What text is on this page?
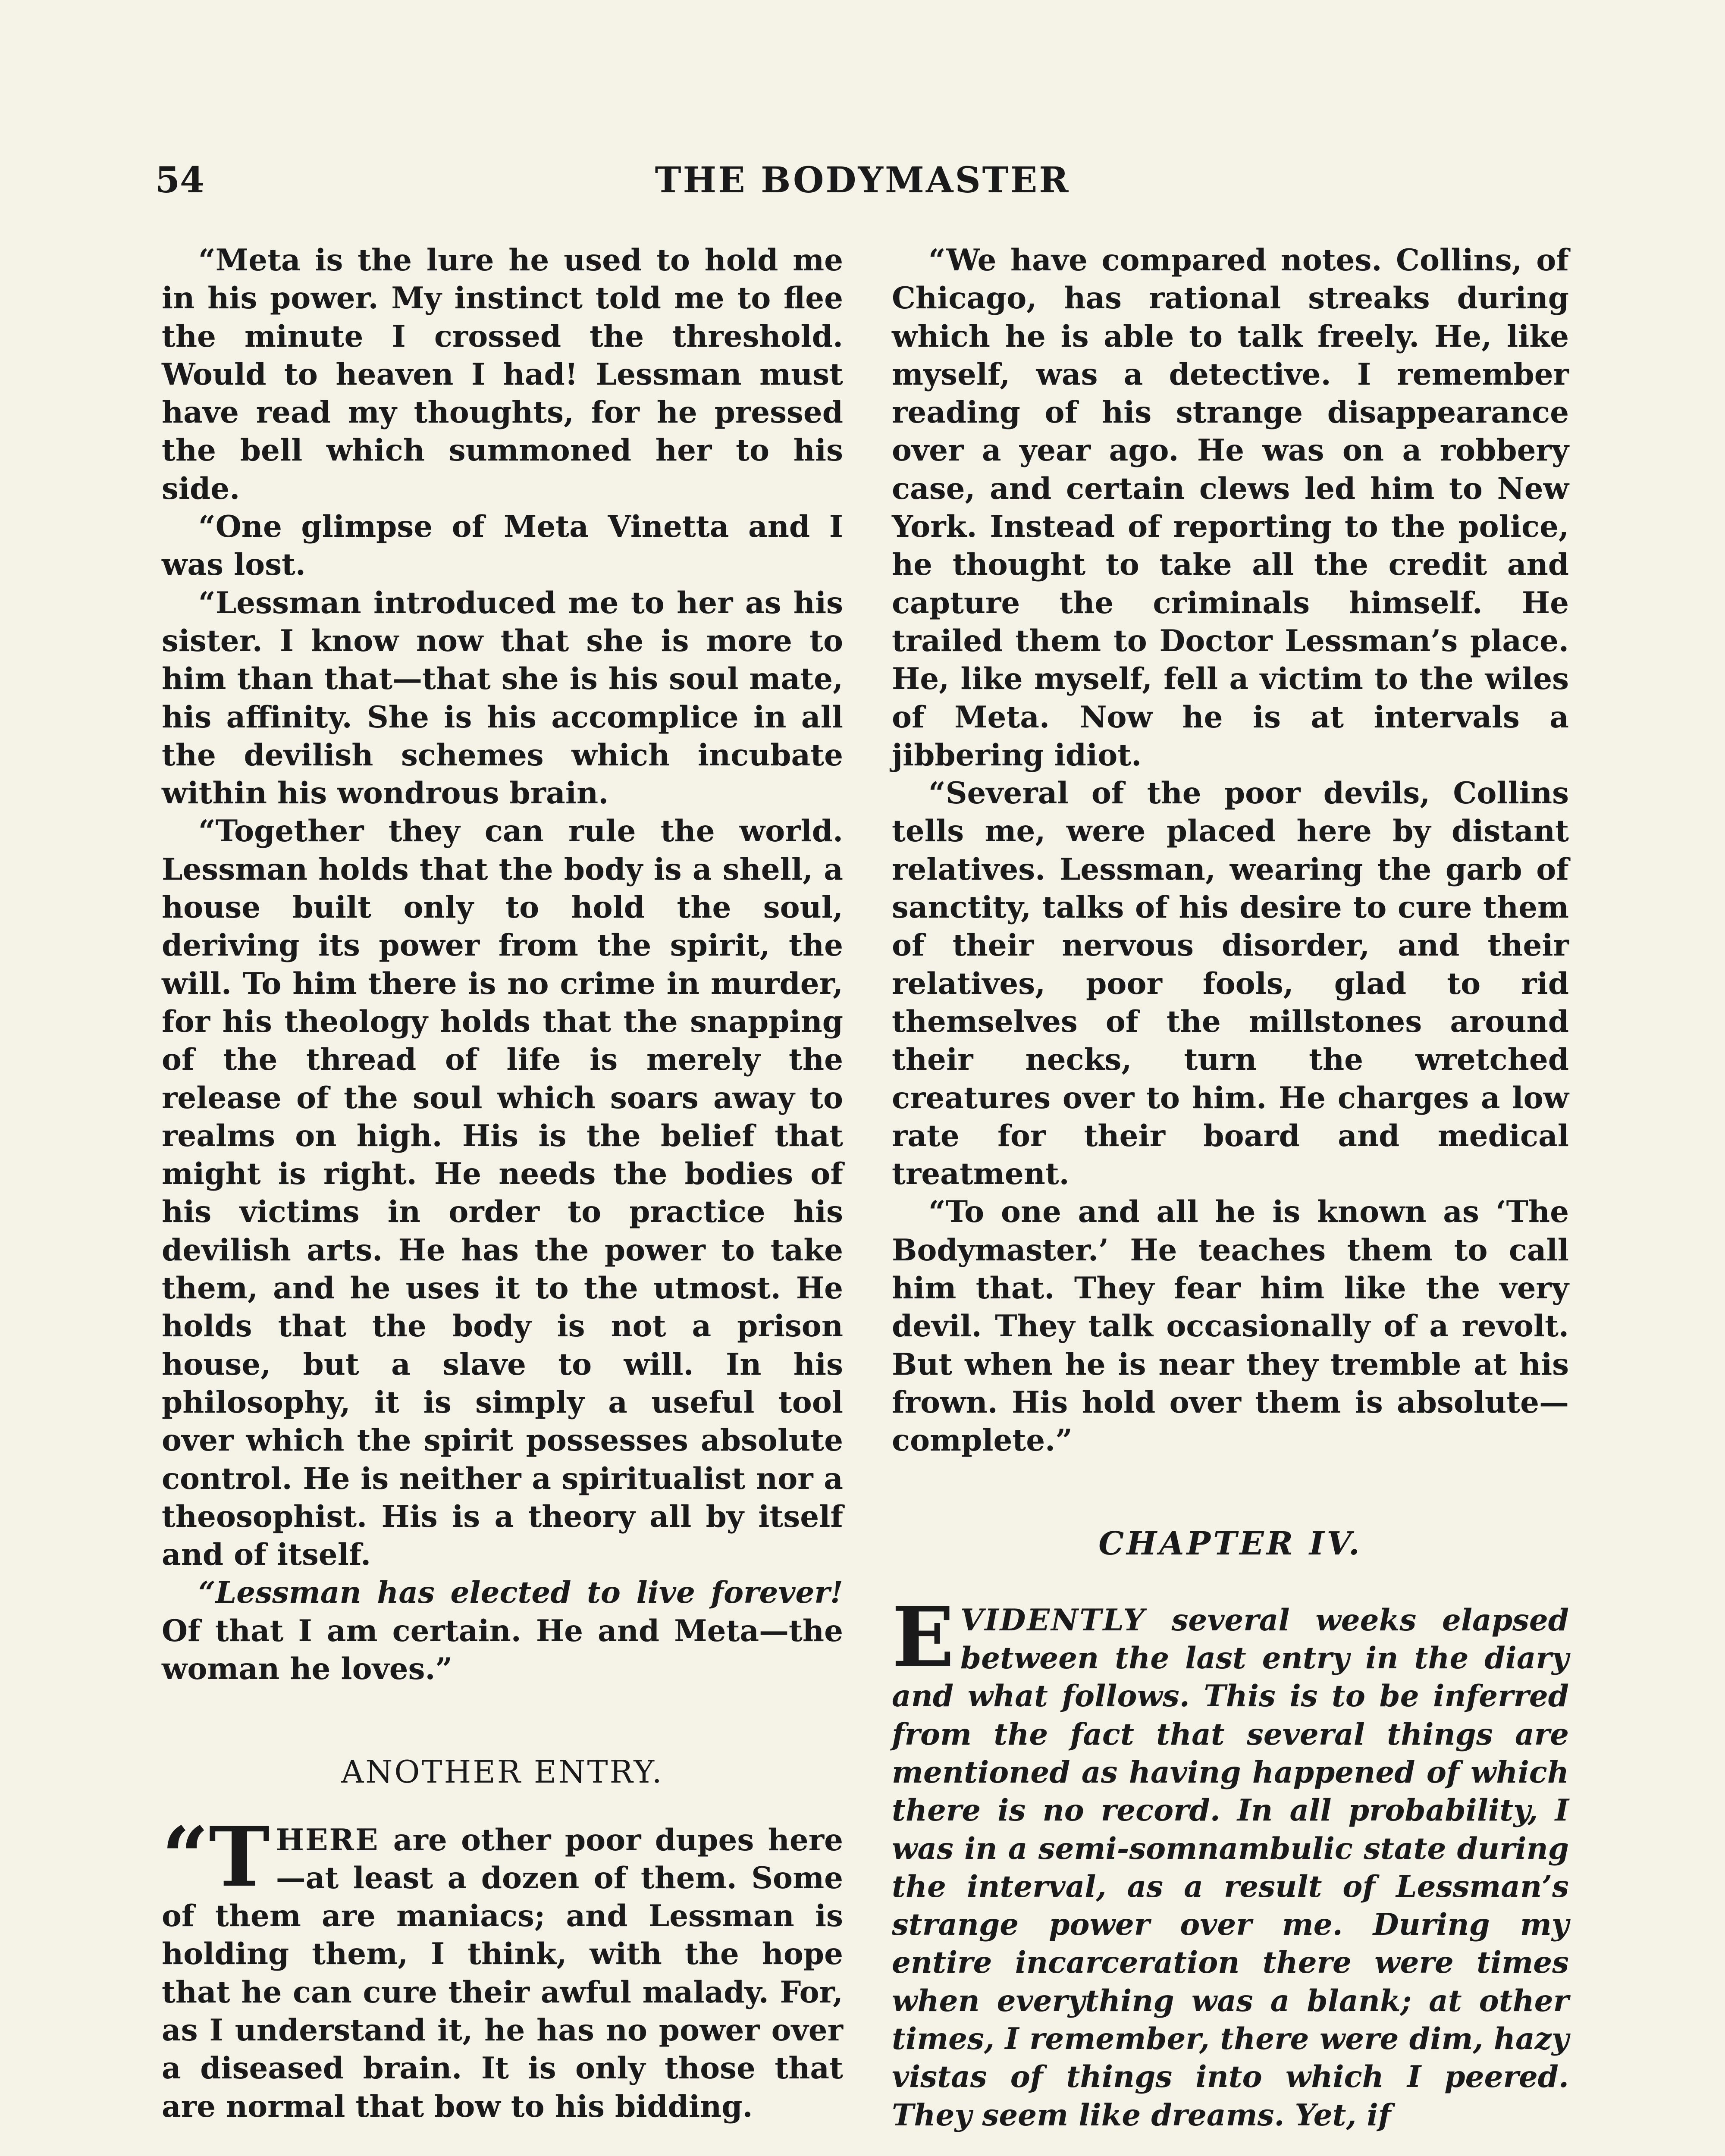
54	THE BODYMASTER

“Meta is the lure he used to hold me in his power. My instinct told me to flee the minute I crossed the threshold. Would to heaven I had! Lessman must have read my thoughts, for he pressed the bell which summoned her to his side.

“One glimpse of Meta Vinetta and I was lost.

“Lessman introduced me to her as his sister. I know now that she is more to him than that—that she is his soul mate, his affinity. She is his accomplice in all the devilish schemes which incubate within his wondrous brain.

“Together they can rule the world. Lessman holds that the body is a shell, a house built only to hold the soul, deriving its power from the spirit, the will. To him there is no crime in murder, for his theology holds that the snapping of the thread of life is merely the release of the soul which soars away to realms on high. His is the belief that might is right. He needs the bodies of his victims in order to practice his devilish arts. He has the power to take them, and he uses it to the utmost. He holds that the body is not a prison house, but a slave to will. In his philosophy, it is simply a useful tool over which the spirit possesses absolute control. He is neither a spiritualist nor a theosophist. His is a theory all by itself and of itself.

“Lessman has elected to live forever! Of that I am certain. He and Meta—the woman he loves.”

ANOTHER ENTRY.

“T HERE are other poor dupes here—at least a dozen of them. Some of them are maniacs; and Lessman is holding them, I think, with the hope that he can cure their awful malady. For, as I understand it, he has no power over a diseased brain. It is only those that are normal that bow to his bidding.

“We have compared notes. Collins, of Chicago, has rational streaks during which he is able to talk freely. He, like myself, was a detective. I remember reading of his strange disappearance over a year ago. He was on a robbery case, and certain clews led him to New York. Instead of reporting to the police, he thought to take all the credit and capture the criminals himself. He trailed them to Doctor Lessman’s place. He, like myself, fell a victim to the wiles of Meta. Now he is at intervals a jibbering idiot.

“Several of the poor devils, Collins tells me, were placed here by distant relatives. Lessman, wearing the garb of sanctity, talks of his desire to cure them of their nervous disorder, and their relatives, poor fools, glad to rid themselves of the millstones around their necks, turn the wretched creatures over to him. He charges a low rate for their board and medical treatment.

“To one and all he is known as ‘The Bodymaster.’ He teaches them to call him that. They fear him like the very devil. They talk occasionally of a revolt. But when he is near they tremble at his frown. His hold over them is absolute—complete.”

CHAPTER IV.

EVIDENTLY several weeks elapsed between the last entry in the diary and what follows. This is to be inferred from the fact that several things are mentioned as having happened of which there is no record. In all probability, I was in a semi-somnambulic state during the interval, as a result of Lessman’s strange power over me. During my entire incarceration there were times when everything was a blank; at other times, I remember, there were dim, hazy vistas of things into which I peered. They seem like dreams. Yet, if
